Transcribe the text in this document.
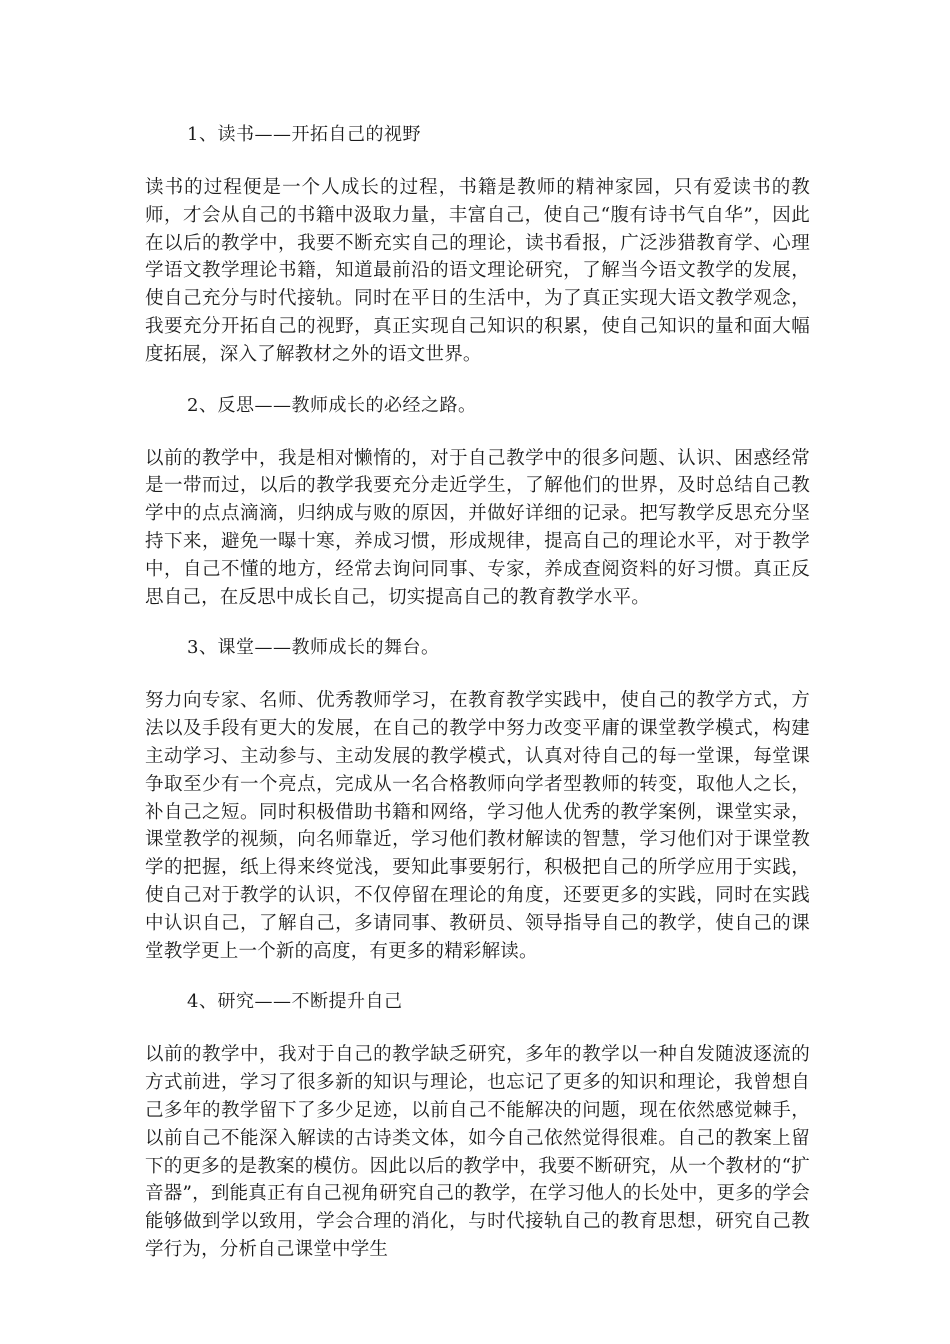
1、读书——开拓自己的视野

读书的过程便是一个人成长的过程，书籍是教师的精神家园，只有爱读书的教师，才会从自己的书籍中汲取力量，丰富自己，使自己“腹有诗书气自华”，因此在以后的教学中，我要不断充实自己的理论，读书看报，广泛涉猎教育学、心理学语文教学理论书籍，知道最前沿的语文理论研究，了解当今语文教学的发展，使自己充分与时代接轨。同时在平日的生活中，为了真正实现大语文教学观念，我要充分开拓自己的视野，真正实现自己知识的积累，使自己知识的量和面大幅度拓展，深入了解教材之外的语文世界。

2、反思——教师成长的必经之路。

以前的教学中，我是相对懒惰的，对于自己教学中的很多问题、认识、困惑经常是一带而过，以后的教学我要充分走近学生，了解他们的世界，及时总结自己教学中的点点滴滴，归纳成与败的原因，并做好详细的记录。把写教学反思充分坚持下来，避免一曝十寒，养成习惯，形成规律，提高自己的理论水平，对于教学中，自己不懂的地方，经常去询问同事、专家，养成查阅资料的好习惯。真正反思自己，在反思中成长自己，切实提高自己的教育教学水平。

3、课堂——教师成长的舞台。

努力向专家、名师、优秀教师学习，在教育教学实践中，使自己的教学方式，方法以及手段有更大的发展，在自己的教学中努力改变平庸的课堂教学模式，构建主动学习、主动参与、主动发展的教学模式，认真对待自己的每一堂课，每堂课争取至少有一个亮点，完成从一名合格教师向学者型教师的转变，取他人之长，补自己之短。同时积极借助书籍和网络，学习他人优秀的教学案例，课堂实录，课堂教学的视频，向名师靠近，学习他们教材解读的智慧，学习他们对于课堂教学的把握，纸上得来终觉浅，要知此事要躬行，积极把自己的所学应用于实践，使自己对于教学的认识，不仅停留在理论的角度，还要更多的实践，同时在实践中认识自己，了解自己，多请同事、教研员、领导指导自己的教学，使自己的课堂教学更上一个新的高度，有更多的精彩解读。

4、研究——不断提升自己

以前的教学中，我对于自己的教学缺乏研究，多年的教学以一种自发随波逐流的方式前进，学习了很多新的知识与理论，也忘记了更多的知识和理论，我曾想自己多年的教学留下了多少足迹，以前自己不能解决的问题，现在依然感觉棘手，以前自己不能深入解读的古诗类文体，如今自己依然觉得很难。自己的教案上留下的更多的是教案的模仿。因此以后的教学中，我要不断研究，从一个教材的“扩音器”，到能真正有自己视角研究自己的教学，在学习他人的长处中，更多的学会能够做到学以致用，学会合理的消化，与时代接轨自己的教育思想，研究自己教学行为，分析自己课堂中学生
